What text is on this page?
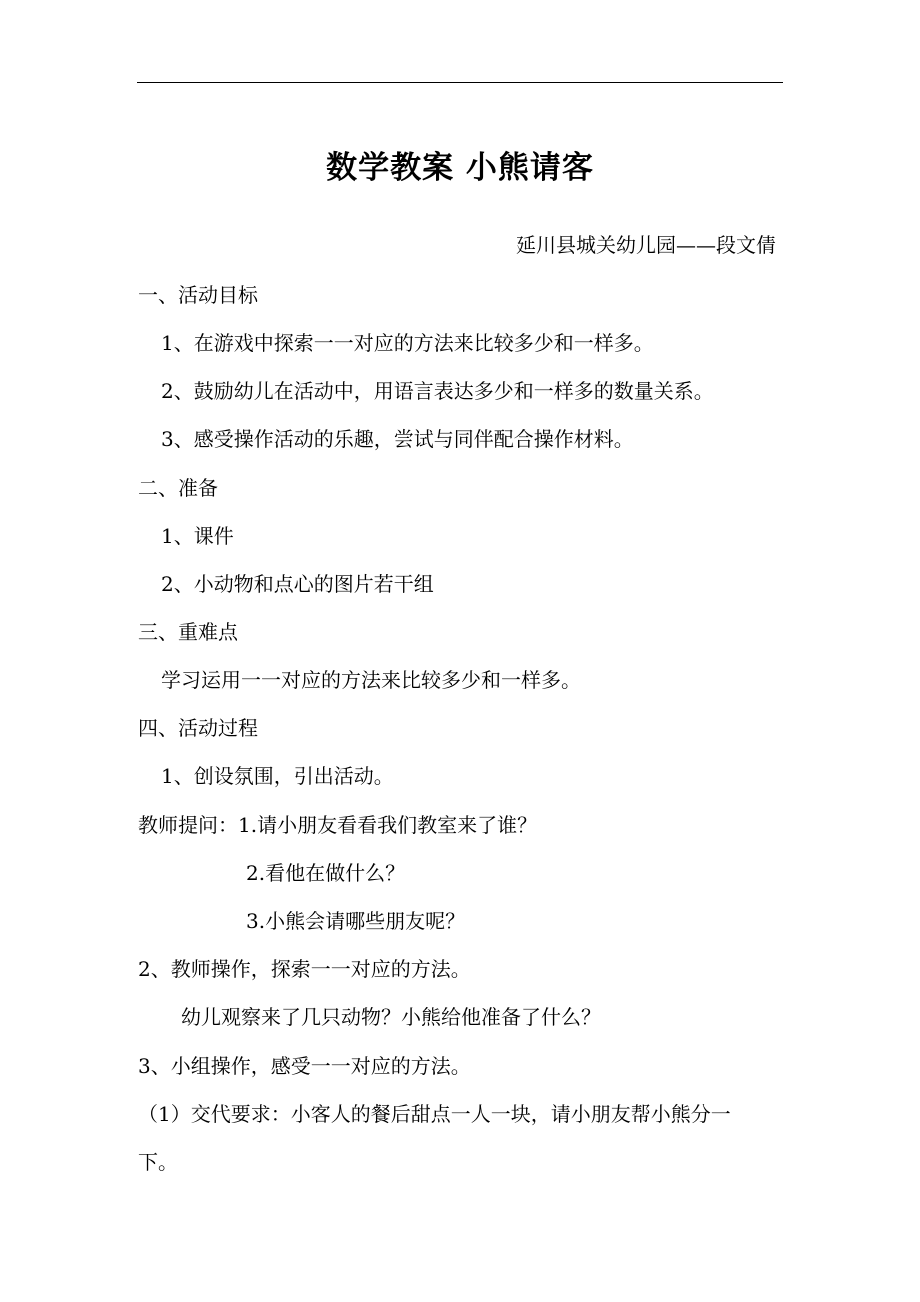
数学教案 小熊请客
延川县城关幼儿园——段文倩
一、活动目标
1、在游戏中探索一一对应的方法来比较多少和一样多。
2、鼓励幼儿在活动中，用语言表达多少和一样多的数量关系。
3、感受操作活动的乐趣，尝试与同伴配合操作材料。
二、准备
1、课件
2、小动物和点心的图片若干组
三、重难点
学习运用一一对应的方法来比较多少和一样多。
四、活动过程
1、创设氛围，引出活动。
教师提问：1.请小朋友看看我们教室来了谁？
2.看他在做什么？
3.小熊会请哪些朋友呢？
2、教师操作，探索一一对应的方法。
幼儿观察来了几只动物？小熊给他准备了什么？
3、小组操作，感受一一对应的方法。
（1）交代要求：小客人的餐后甜点一人一块，请小朋友帮小熊分一
下。
